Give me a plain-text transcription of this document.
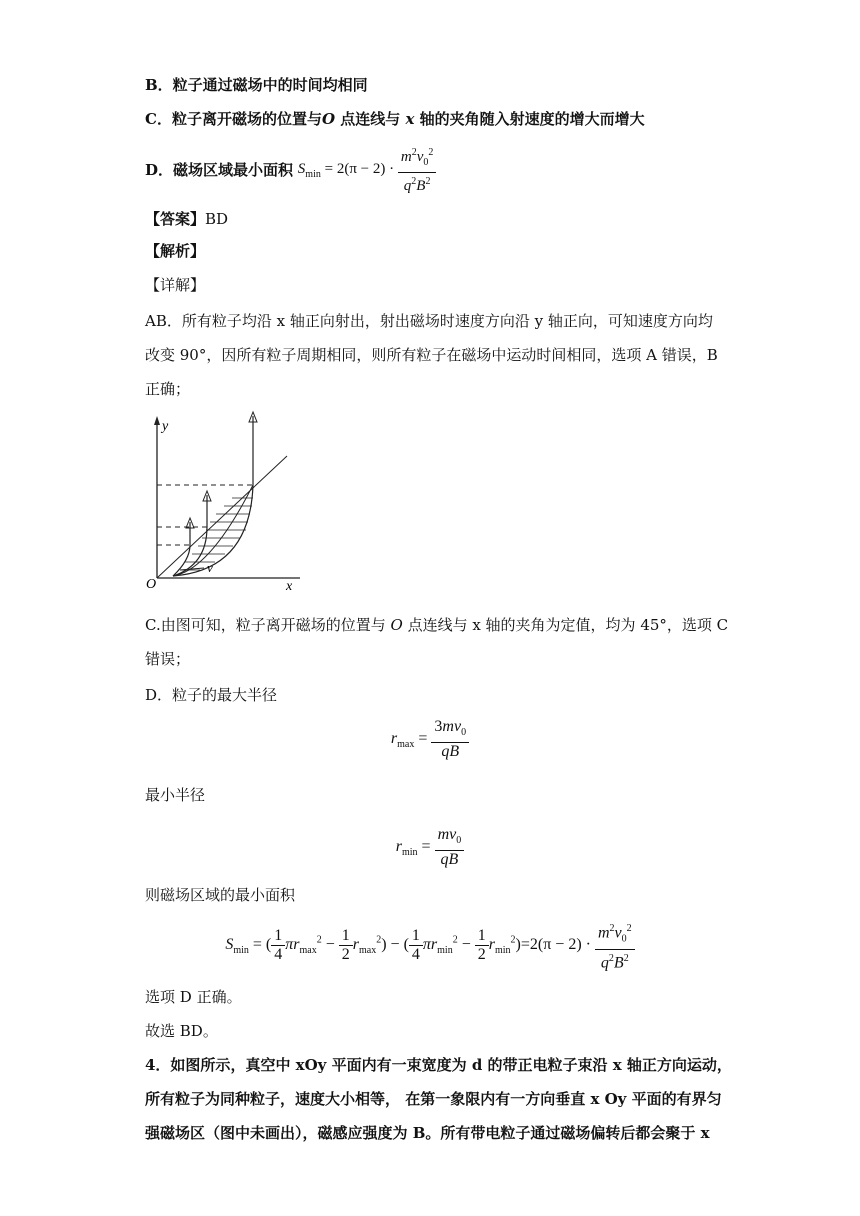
B．粒子通过磁场中的时间均相同
C．粒子离开磁场的位置与O 点连线与 x 轴的夹角随入射速度的增大而增大
D．磁场区域最小面积 $S_{min} = 2(\pi - 2) \cdot \frac{m^2v_0^2}{q^2B^2}$
【答案】BD
【解析】
【详解】
AB．所有粒子均沿 x 轴正向射出，射出磁场时速度方向沿 y 轴正向，可知速度方向均
改变 90°，因所有粒子周期相同，则所有粒子在磁场中运动时间相同，选项 A 错误，B
正确；
y
x
O
v
C.由图可知，粒子离开磁场的位置与 O 点连线与 x 轴的夹角为定值，均为 45°，选项 C
错误；
D．粒子的最大半径
$r_{max} = \frac{3mv_0}{qB}$
最小半径
$r_{min} = \frac{mv_0}{qB}$
则磁场区域的最小面积
$S_{min}$ = ( $\frac{1}{4} \pi r_{max}^2 - \frac{1}{2} r_{max}^2$) − ( $\frac{1}{4} \pi r_{min}^2 - \frac{1}{2} r_{min}^2)=2(\pi - 2) \cdot \frac{m^2v_0^2}{q^2B^2}$
选项 D 正确。
故选 BD。
4．如图所示，真空中 xOy 平面内有一束宽度为 d 的带正电粒子束沿 x 轴正方向运动，
所有粒子为同种粒子，速度大小相等， 在第一象限内有一方向垂直 x Oy 平面的有界匀
强磁场区（图中未画出），磁感应强度为 B。所有带电粒子通过磁场偏转后都会聚于 x
